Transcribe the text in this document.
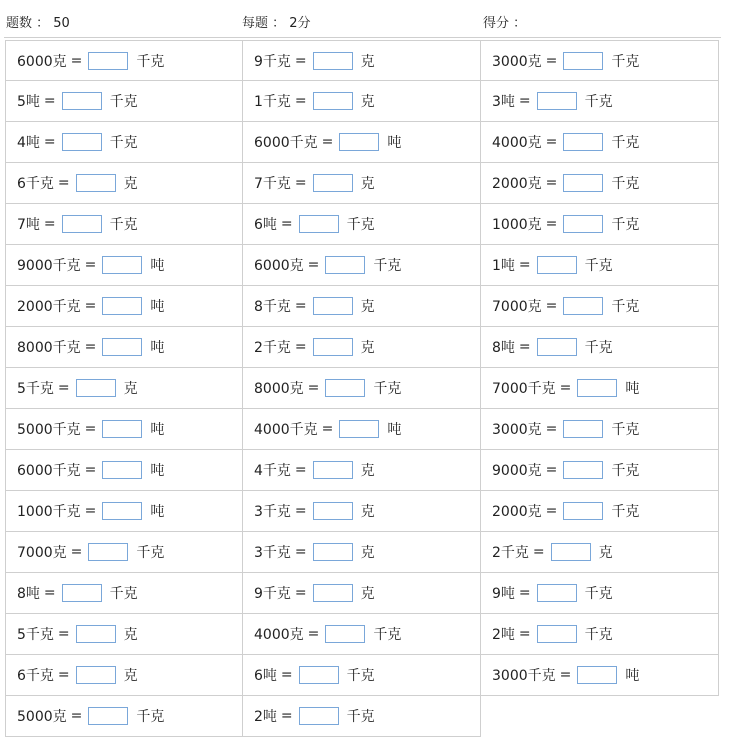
题数 ： 50	每题 ： 2分	得分 ：
6000克 =	千克	9千克 =	克	3000克 =	千克
5吨 =	千克	1千克 =	克	3吨 =	千克
4吨 =	千克	6000千克 =	吨	4000克 =	千克
6千克 =	克	7千克 =	克	2000克 =	千克
7吨 =	千克	6吨 =	千克	1000克 =	千克
9000千克 =	吨	6000克 =	千克	1吨 =	千克
2000千克 =	吨	8千克 =	克	7000克 =	千克
8000千克 =	吨	2千克 =	克	8吨 =	千克
5千克 =	克	8000克 =	千克	7000千克 =	吨
5000千克 =	吨	4000千克 =	吨	3000克 =	千克
6000千克 =	吨	4千克 =	克	9000克 =	千克
1000千克 =	吨	3千克 =	克	2000克 =	千克
7000克 =	千克	3千克 =	克	2千克 =	克
8吨 =	千克	9千克 =	克	9吨 =	千克
5千克 =	克	4000克 =	千克	2吨 =	千克
6千克 =	克	6吨 =	千克	3000千克 =	吨
5000克 =	千克	2吨 =	千克
